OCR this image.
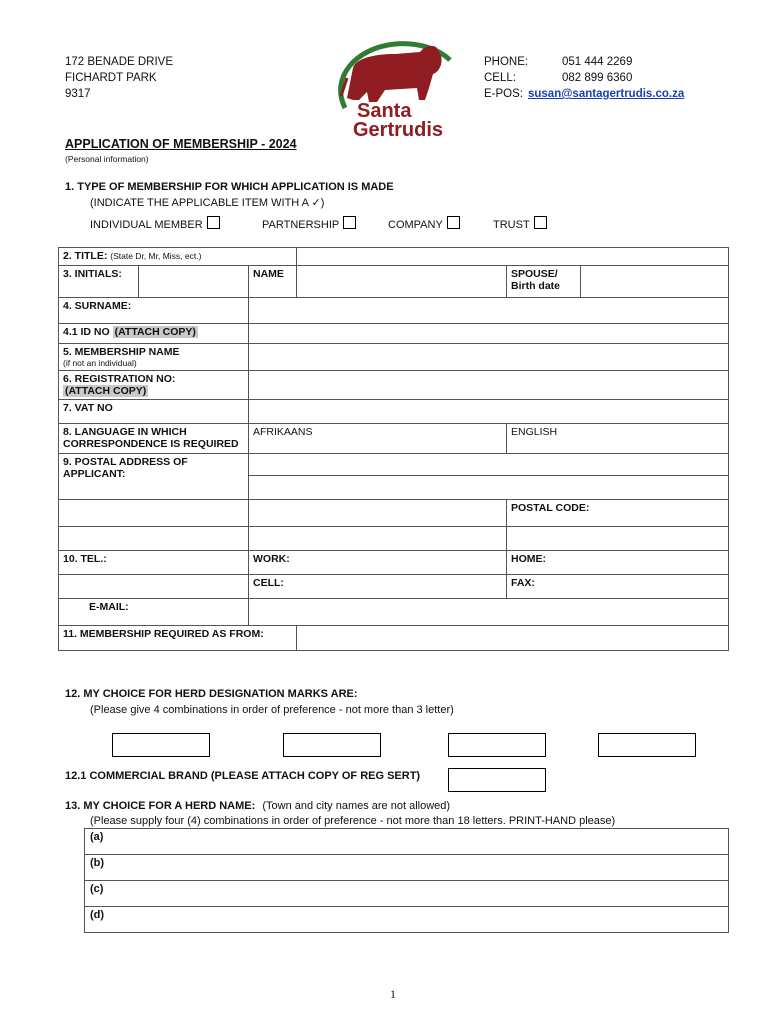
172 BENADE DRIVE
FICHARDT PARK
9317
Santa
Gertrudis
PHONE:	051 444 2269
CELL:	082 899 6360
E-POS: susan@santagertrudis.co.za
APPLICATION OF MEMBERSHIP - 2024
(Personal information)
1. TYPE OF MEMBERSHIP FOR WHICH APPLICATION IS MADE
(INDICATE THE APPLICABLE ITEM WITH A ✓)
INDIVIDUAL MEMBER	PARTNERSHIP	COMPANY	TRUST
2. TITLE: (State Dr, Mr, Miss, ect.)					
3. INITIALS:		NAME		SPOUSE/ Birth date	
4. SURNAME:					
4.1 ID NO (ATTACH COPY)					

5. MEMBERSHIP NAME
(if not an individual)					

6. REGISTRATION NO:
(ATTACH COPY)					

7. VAT NO					
8. LANGUAGE IN WHICH CORRESPONDENCE IS REQUIRED		AFRIKAANS		ENGLISH	
9. POSTAL ADDRESS OF APPLICANT:					

				POSTAL CODE:	

10. TEL.:		WORK:		HOME:	
		CELL:		FAX:	
E-MAIL:					
11. MEMBERSHIP REQUIRED AS FROM:					
12. MY CHOICE FOR HERD DESIGNATION MARKS ARE:
(Please give 4 combinations in order of preference - not more than 3 letter)
12.1 COMMERCIAL BRAND (PLEASE ATTACH COPY OF REG SERT)
13. MY CHOICE FOR A HERD NAME: (Town and city names are not allowed)
(Please supply four (4) combinations in order of preference - not more than 18 letters. PRINT-HAND please)
(a)
(b)
(c)
(d)
1
